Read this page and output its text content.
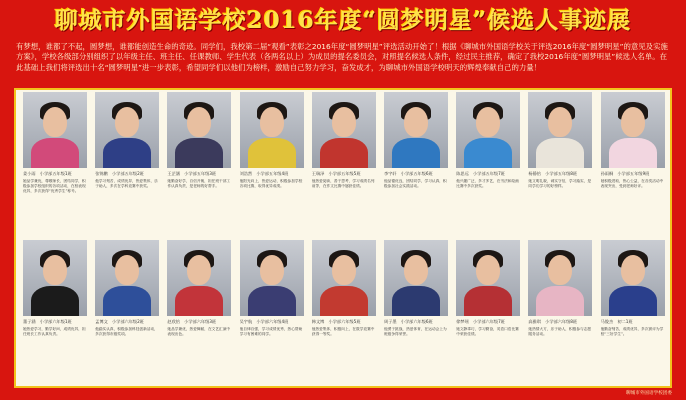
聊城市外国语学校2016年度“圆梦明星”候选人事迹展
有梦想，谁都了不起，圆梦想，谁都能创造生命的奇迹。同学们，我校第二届“观看”表彰之2016年度“圆梦明星”评选活动开始了！根据《聊城市外国语学校关于评选2016年度“圆梦明星”的意见及实施方案》，学校各级部分别组织了以年级主任、班主任、任课教师、学生代表（各两名以上）为成员的提名委员会，对照提名候选人条件，经过民主推荐，确定了我校2016年度“圆梦明星”候选人名单。在此基础上我们将评选出十名“圆梦明星”进一步表彰，希望同学们以他们为榜样，激励自己努力学习，奋发成才，为聊城市外国语学校明天的辉煌奉献自己的力量！
姜小雨　小学部五年级1班
她品学兼优，尊敬师长，团结同学，积极参加学校组织的各项活动，在校表现优异，多次获得“优秀学生”称号。
张锦鹏　小学部五年级2班
他学习刻苦，成绩优异，热爱集体，乐于助人，多次在学科竞赛中获奖。
王芷涵　小学部五年级3班
她勤奋好学，自信开朗，担任班干部工作认真负责，是老师的好帮手。
刘浩然　小学部五年级4班
他阳光向上，热爱运动，积极参加学校各项比赛，取得优异成绩。
王瑞泽　小学部五年级5班
他热爱阅读，善于思考，学习成绩名列前茅，在作文比赛中屡获佳绩。
李宇轩　小学部五年级6班
他品德优良，团结同学，学习认真，积极参加社会实践活动。
陈思远　小学部五年级7班
他兴趣广泛，多才多艺，在书法和绘画比赛中多次获奖。
杨静怡　小学部五年级8班
她文明礼貌，诚实守信，学习踏实，是同学们学习的好榜样。
孙雨桐　小学部五年级9班
她积极进取，热心公益，在各类活动中表现突出，受到老师好评。
董子涵　小学部六年级1班
她热爱学习，勤学好问，成绩优异，担任班长工作认真负责。
孟博文　小学部六年级2班
他踏实认真，积极参加科技创新活动，多次获得市级奖项。
赵欣怡　小学部六年级3班
她品学兼优，热爱舞蹈，在文艺汇演中表现出色。
吴宇航　小学部六年级4班
他自律自强，学习成绩优秀，热心帮助学习有困难的同学。
韩文博　小学部六年级5班
他热爱集体，积极向上，在数学竞赛中获得一等奖。
周子墨　小学部六年级6班
他勇于挑战，热爱体育，在运动会上为班级争得荣誉。
徐梦瑶　小学部六年级7班
她文静乖巧，学习勤奋，英语口语比赛中荣获佳绩。
高雅琪　小学部六年级8班
她热情大方，乐于助人，积极参与志愿服务活动。
马俊杰　初二1班
他勤奋刻苦，成绩优异，多次被评为学校“三好学生”。
聊城市外国语学校团委
